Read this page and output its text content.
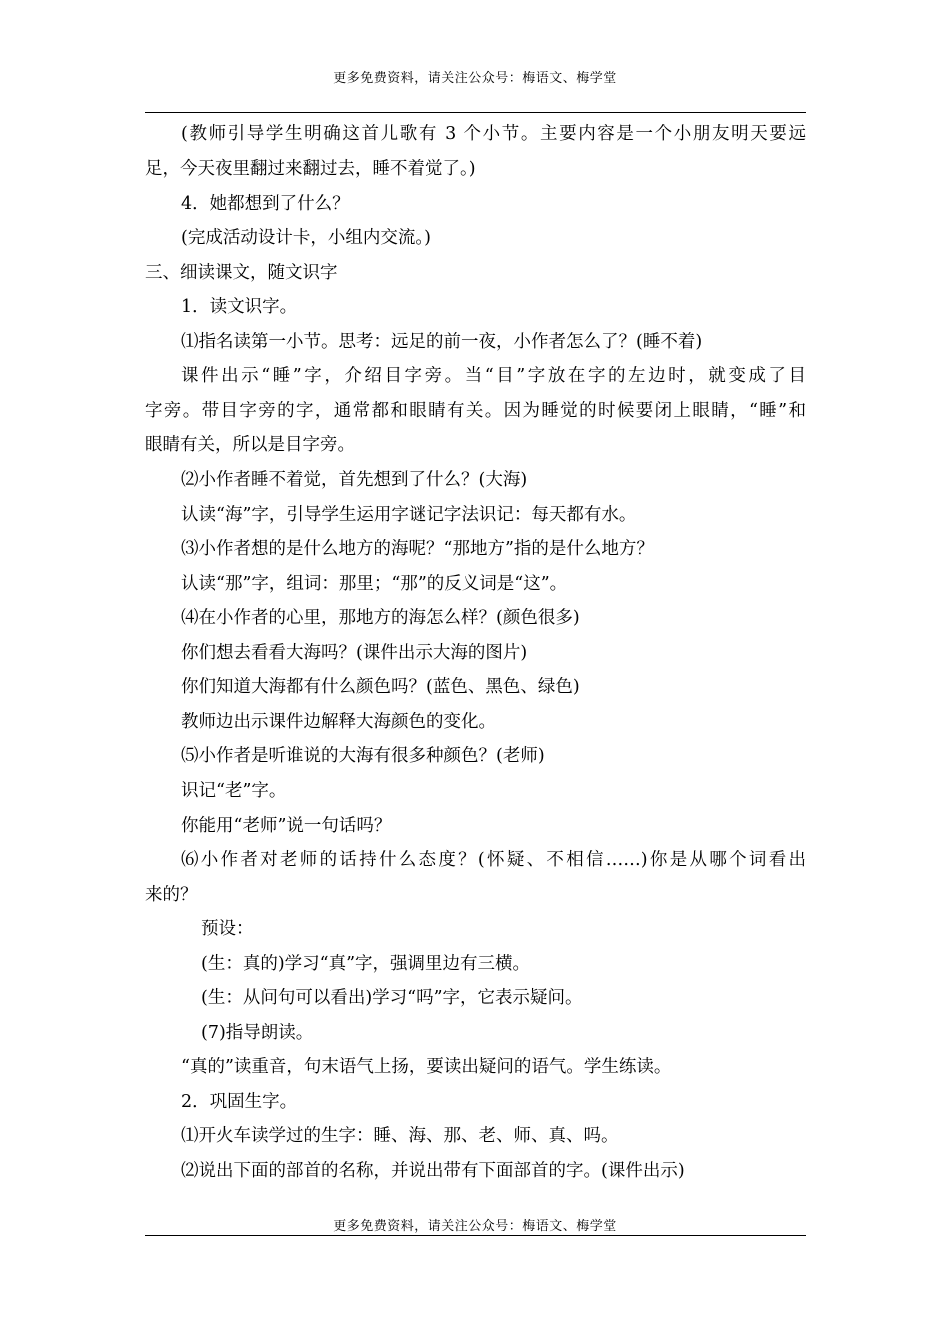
更多免费资料，请关注公众号：梅语文、梅学堂
(教师引导学生明确这首儿歌有 3 个小节。主要内容是一个小朋友明天要远
足，今天夜里翻过来翻过去，睡不着觉了。)
4．她都想到了什么？
(完成活动设计卡，小组内交流。)
三、细读课文，随文识字
1．读文识字。
⑴指名读第一小节。思考：远足的前一夜，小作者怎么了？(睡不着)
课件出示“睡”字，介绍目字旁。当“目”字放在字的左边时，就变成了目
字旁。带目字旁的字，通常都和眼睛有关。因为睡觉的时候要闭上眼睛，“睡”和
眼睛有关，所以是目字旁。
⑵小作者睡不着觉，首先想到了什么？(大海)
认读“海”字，引导学生运用字谜记字法识记：每天都有水。
⑶小作者想的是什么地方的海呢？“那地方”指的是什么地方？
认读“那”字，组词：那里；“那”的反义词是“这”。
⑷在小作者的心里，那地方的海怎么样？(颜色很多)
你们想去看看大海吗？(课件出示大海的图片)
你们知道大海都有什么颜色吗？(蓝色、黑色、绿色)
教师边出示课件边解释大海颜色的变化。
⑸小作者是听谁说的大海有很多种颜色？(老师)
识记“老”字。
你能用“老师”说一句话吗？
⑹小作者对老师的话持什么态度？(怀疑、不相信……)你是从哪个词看出
来的？
预设：
(生：真的)学习“真”字，强调里边有三横。
(生：从问句可以看出)学习“吗”字，它表示疑问。
(7)指导朗读。
“真的”读重音，句末语气上扬，要读出疑问的语气。学生练读。
2．巩固生字。
⑴开火车读学过的生字：睡、海、那、老、师、真、吗。
⑵说出下面的部首的名称，并说出带有下面部首的字。(课件出示)
更多免费资料，请关注公众号：梅语文、梅学堂
